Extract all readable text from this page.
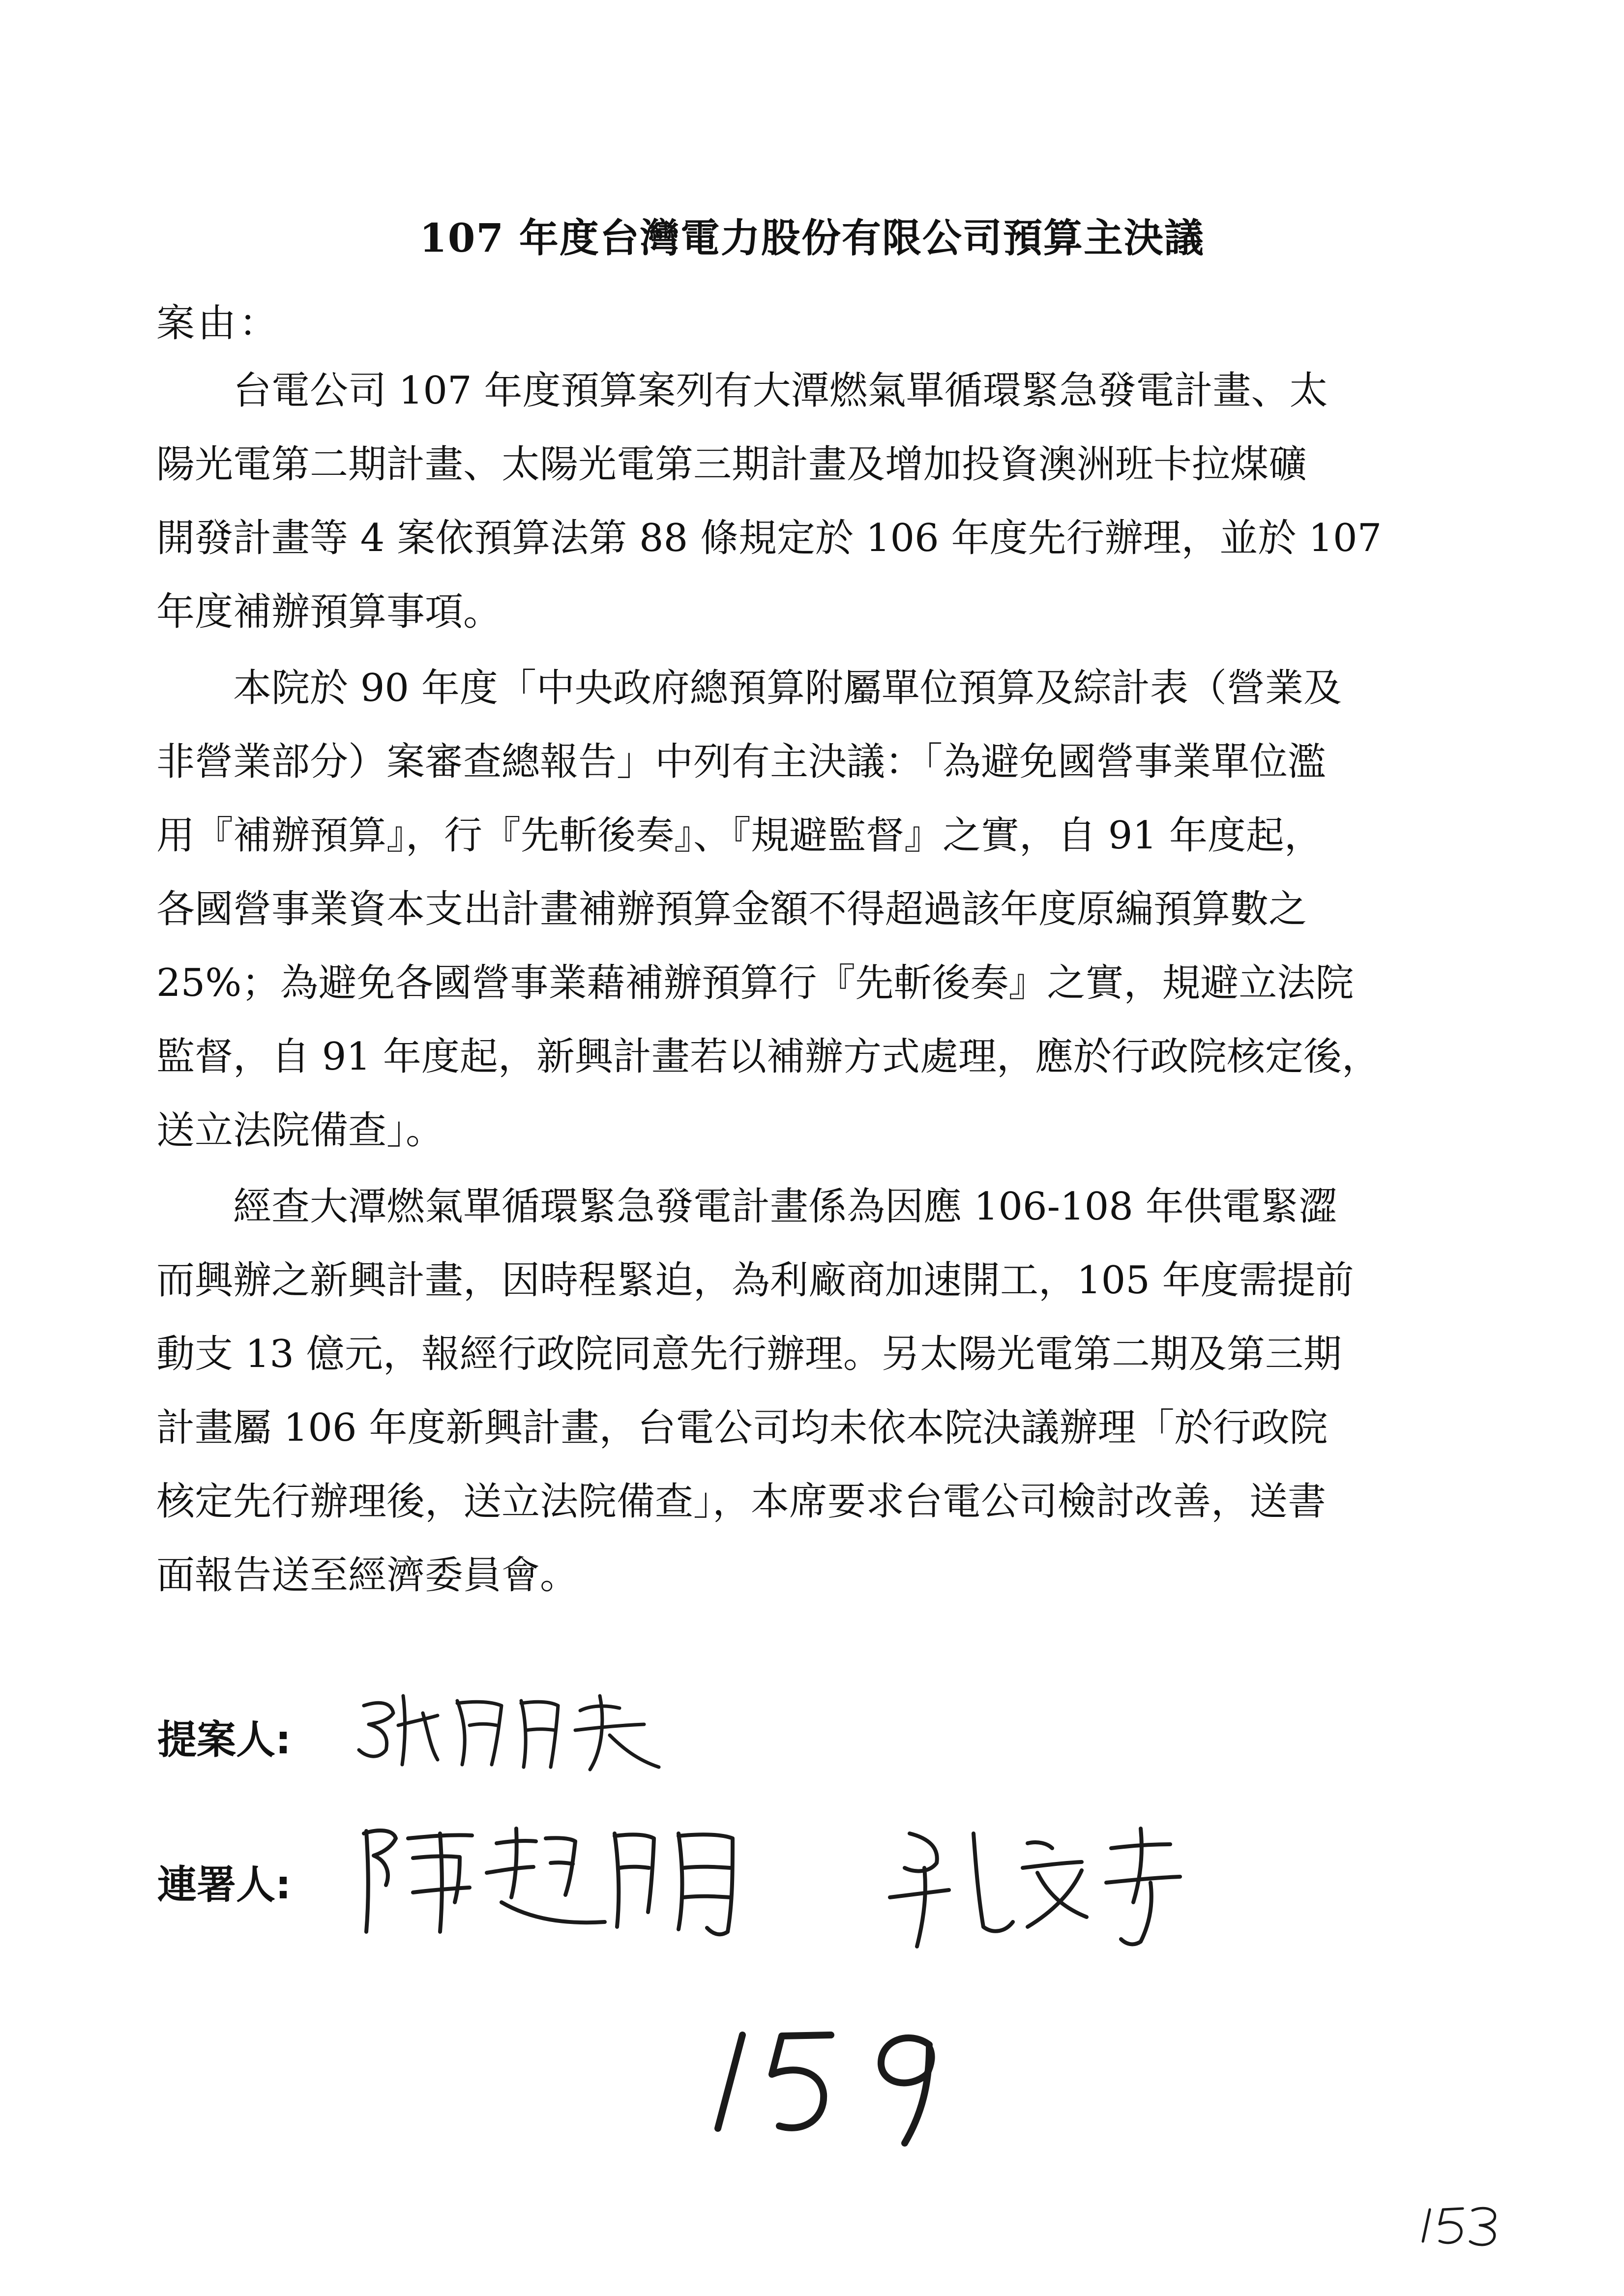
107 年度台灣電力股份有限公司預算主決議
案由：
台電公司 107 年度預算案列有大潭燃氣單循環緊急發電計畫、太
陽光電第二期計畫、太陽光電第三期計畫及增加投資澳洲班卡拉煤礦
開發計畫等 4 案依預算法第 88 條規定於 106 年度先行辦理，並於 107
年度補辦預算事項。
本院於 90 年度「中央政府總預算附屬單位預算及綜計表（營業及
非營業部分）案審查總報告」中列有主決議：「為避免國營事業單位濫
用『補辦預算』，行『先斬後奏』、『規避監督』之實，自 91 年度起，
各國營事業資本支出計畫補辦預算金額不得超過該年度原編預算數之
25%；為避免各國營事業藉補辦預算行『先斬後奏』之實，規避立法院
監督，自 91 年度起，新興計畫若以補辦方式處理，應於行政院核定後，
送立法院備查」。
經查大潭燃氣單循環緊急發電計畫係為因應 106-108 年供電緊澀
而興辦之新興計畫，因時程緊迫，為利廠商加速開工，105 年度需提前
動支 13 億元，報經行政院同意先行辦理。另太陽光電第二期及第三期
計畫屬 106 年度新興計畫，台電公司均未依本院決議辦理「於行政院
核定先行辦理後，送立法院備查」，本席要求台電公司檢討改善，送書
面報告送至經濟委員會。
提案人:
連署人:
